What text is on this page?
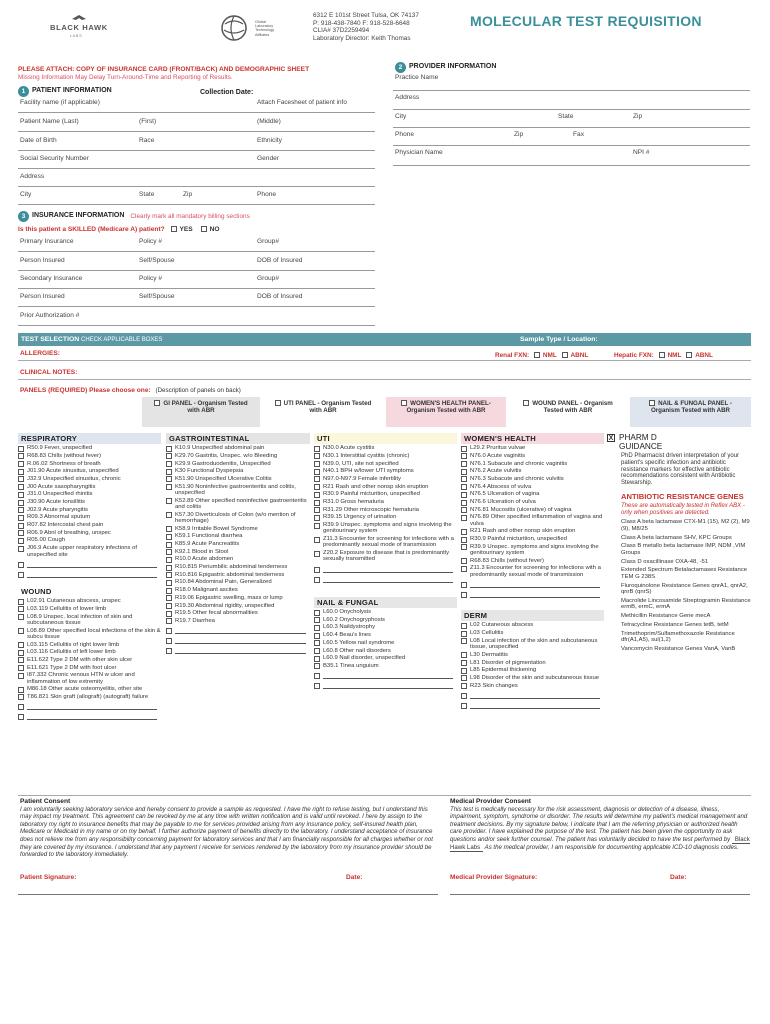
BLACK HAWK
L A B S
Global
Laboratory
Technology
Affiliates
6312 E 101st Street Tulsa, OK 74137
P: 918-438-7840 F: 918-528-6648
CLIA# 37D2259494
Laboratory Director: Keith Thomas
MOLECULAR TEST REQUISITION
PLEASE ATTACH: COPY OF INSURANCE CARD (FRONT/BACK) AND DEMOGRAPHIC SHEET
Missing Information May Delay Turn-Around-Time and Reporting of Results.
1 PATIENT INFORMATION	Collection Date:
Facility name (if applicable)	Attach Facesheet of patient info
Patient Name (Last)	(First)	(Middle)
Date of Birth	Race	Ethnicity
Social Security Number	Gender
Address
City	State	Zip	Phone
3 INSURANCE INFORMATION Clearly mark all mandatory billing sections
Is this patient a SKILLED (Medicare A) patient? YES	NO
Primary Insurance	Policy #	Group#
Person Insured	Self/Spouse	DOB of Insured
Secondary Insurance	Policy #	Group#
Person Insured	Self/Spouse	DOB of Insured
Prior Authorization #
2 PROVIDER INFORMATION
Practice Name
Address
City	State	Zip
Phone	Zip	Fax
Physician Name	NPI #
TEST SELECTION CHECK APPLICABLE BOXES	Sample Type / Location:
ALLERGIES:	Renal FXN: NML ABNL	Hepatic FXN: NML ABNL
CLINICAL NOTES:
PANELS (REQUIRED) Please choose one: (Description of panels on back)
GI PANEL - Organism Tested with ABR
UTI PANEL - Organism Tested with ABR
WOMEN'S HEALTH PANEL-Organism Tested with ABR
WOUND PANEL - Organism Tested with ABR
NAIL & FUNGAL PANEL - Organism Tested with ABR
RESPIRATORY
R50.9 Fever, unspecified
R68.83 Chills (without fever)
R.06.02 Shortness of breath
J01.90 Acute sinusitus, unspecified
J32.9 Unspecified sinusitus, chronic
J00 Acute sasopharyngitis
J31.0 Unspecified rhinitis
J30.90 Acute tonsillitis
J02.9 Acute pharyngitis
R09.3 Abnormal sputum
R07.82 Intercostal chest pain
R06.9 Abnl of breathing, unspec
R05.00 Cough
J06.9 Acute upper respiratory infections of unspecified site
WOUND
L02.91 Cutaneous abscess, unspec
L03.119 Cellulitis of lower limb
L08.9 Unspec. local infection of skin and subcutaneous tissue
L08.89 Other specified local infections of the skin & subcu tissue
L03.115 Cellulitis of right lower limb
L03.116 Cellulitis of left lower limb
E11.622 Type 2 DM with other skin ulcer
E11.621 Type 2 DM with foot ulcer
I87.332 Chronic venous HTN w ulcer and inflammation of low extremity
M86.18 Other acute osteomyelitis, other site
T86.821 Skin graft (allograft) (autograft) failure
GASTROINTESTINAL
K10.9 Unspecified abdominal pain
K29.70 Gastritis, Unspec. w/o Bleeding
K29.9 Gastroduodenitis, Unspecified
K30 Functional Dyspepsia
K51.90 Unspecified Ulcerative Colitis
K51.90 Noninfective gastroenteritis and colitis, unspecified
K52.89 Other specified noninfective gastroenteritis and colitis
K57.30 Diverticulosis of Colon (w/o mention of hemorrhage)
K58.9 Irritable Bowel Syndrome
K59.1 Functional diarrhea
K85.9 Acute Pancreatitis
K92.1 Blood in Stool
R10.0 Acute abdomen
R10.815 Periumbilic abdominal tenderness
R10.816 Epigastric abdominal tenderness
R10.84 Abdominal Pain, Generalized
R18.0 Malignant ascites
R19.06 Epigastric swelling, mass or lump
R19.30 Abdominal rigidity, unspecified
R19.5 Other fecal abnormalities
R19.7 Diarrhea
UTI
N30.0 Acute cystitis
N30.1 Interstitial cystitis (chronic)
N39.0, UTI, site not specified
N40.1 BPH w/lower UTI symptoms
N97.0-N97.9 Female infertility
R21 Rash and other nonsp skin eruption
R30.9 Painful micturition, unspecified
R31.0 Gross hematuria
R31.29 Other microscopic hematuria
R39.15 Urgency of urination
R39.9 Unspec. symptoms and signs involving the genitourinary system
Z11.3 Encounter for screening for infections with a predominantly sexual mode of transmission
Z20.2 Exposure to disease that is predominantly sexually transmitted
NAIL & FUNGAL
L60.0 Onycholysis
L60.2 Onychogryphosis
L60.3 Naildystrophy
L60.4 Beau's lines
L60.5 Yellow nail syndrome
L60.8 Other nail disorders
L60.9 Nail disorder, unspecified
B35.1 Tinea unguium
WOMEN'S HEALTH
L29.2 Pruritus vulvae
N76.0 Acute vaginitis
N76.1 Subacute and chronic vaginitis
N76.2 Acute vulvitis
N76.3 Subacute and chronic vulvitis
N76.4 Abscess of vulva
N76.5 Ulceration of vagina
N76.6 Ulceration of vulva
N76.81 Mucositis (ulcerative) of vagina
N76.89 Other specified inflammation of vagina and vulva
R21 Rash and other nonsp skin eruption
R30.9 Painful micturition, unspecified
R39.9 Unspec. symptoms and signs involving the genitourinary system
R68.83 Chills (without fever)
Z11.3 Encounter for screening for infections with a predominantly sexual mode of transmission
DERM
L02 Cutaneous abscess
L03 Cellulitis
L08 Local infection of the skin and subcutaneous tissue, unspecified
L30 Dermatitis
L81 Disorder of pigmentation
L85 Epidermal thickening
L98 Disorder of the skin and subcutaneous tissue
R23 Skin changes
X PHARM D GUIDANCE
PhD Pharmacist driven interpretation of your patient's specific infection and antibiotic resistance markers for effective antibiotic recommendations consistent with Antibiotic Stewarship.
ANTIBIOTIC RESISTANCE GENES
These are automatically tested in Reflex ABX - only when positives are detected.
Class A beta lactamase CTX-M1 (15), M2 (2), M9 (9), M8/25
Class A beta lactamase SHV, KPC Groups
Class B metallo beta lactamase IMP, NDM ,VIM Groups
Class D oxacillinase OXA-48, -51
Extended Spectrum Betalactamases Resistance TEM G 238S
Fluroquinolone Resistance Genes qnrA1, qnrA2, qnrB (qnrS)
Macrolide Lincosamide Streptogramin Resistance ermB, ermC, ermA
Methicillin Resistance Gene mecA
Tetracycline Resistance Genes tetB, tetM
Trimethoprim/Sulfamethoxazole Resistance dfr(A1,A5), sul(1,2)
Vancomycin Resistance Genes VanA, VanB
Patient Consent
I am voluntarily seeking laboratory service and hereby consent to provide a sample as requested. I have the right to refuse testing, but I understand this may impact my treatment. This agreement can be revoked by me at any time with written notification and is valid until revoked. I here by assign to the laboratory my right to insurance benefits that may be payable to me for services provided arising from any insurance policy, self-insured health plan, Medicare or Medicaid in my name or on my behalf. I further authorize payment of benefits directly to the laboratory. I understand acceptance of insurance does not relieve me from any responsibility concerning payment for laboratory services and that I am financially responsible for all charges whether or not they are covered by my insurance. I understand that any payment I receive for services rendered by the laboratory from my insurance provider should be forwarded to the laboratory immediately.
Patient Signature:	Date:
Medical Provider Consent
This test is medically necessary for the risk assessment, diagnosis or detection of a disease, illness, impairment, symptom, syndrome or disorder. The results will determine my patient's medical management and treatment decisions. By my signature below, I indicate that I am the referring physician or authorized health care provider. I have explained the purpose of the test. The patient has been given the opportunity to ask questions and/or seek further counsel. The patient has voluntarily decided to have the test performed by Black Hawk Labs As the medical provider, I am responsible for documenting applicable ICD-10 diagnosis codes.
Medical Provider Signature:	Date:
